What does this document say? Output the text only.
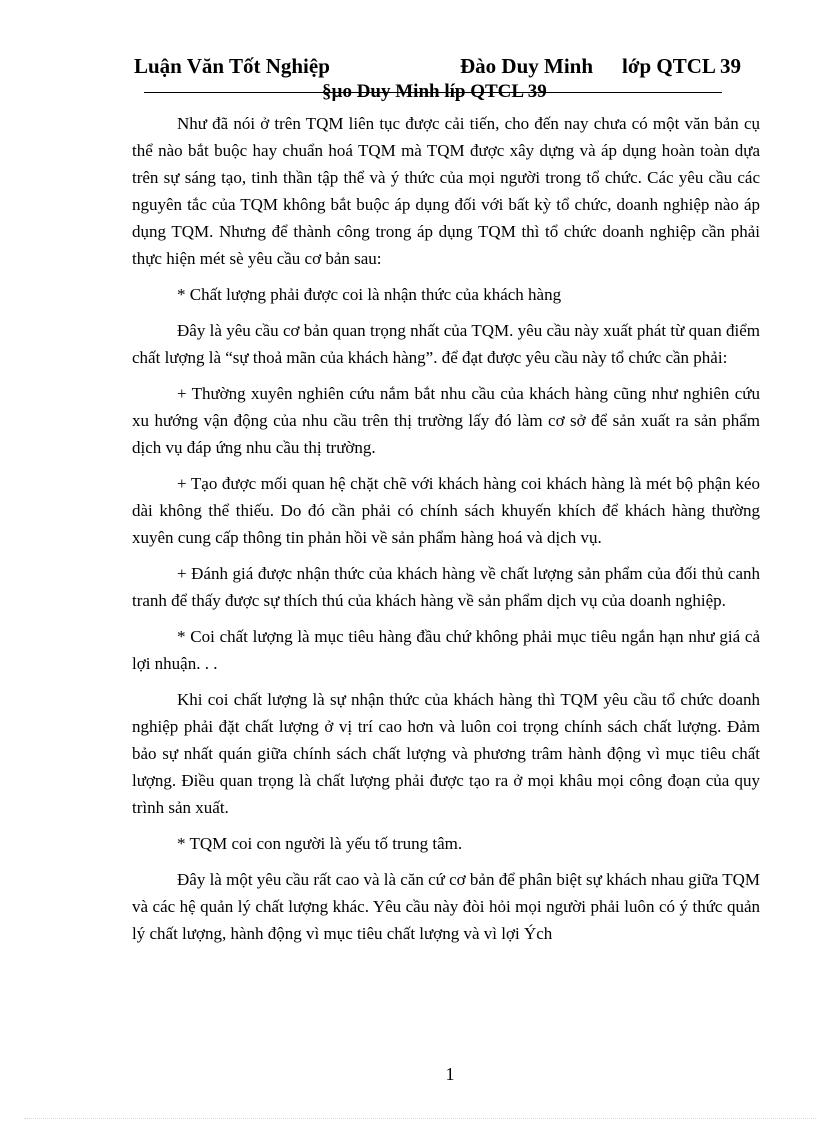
Luận Văn Tốt Nghiệp	Đào Duy Minh lớp QTCL 39
§µo Duy Minh líp QTCL 39

Như đã nói ở trên TQM liên tục được cải tiến, cho đến nay chưa có một văn bản cụ thể nào bắt buộc hay chuẩn hoá TQM mà TQM được xây dựng và áp dụng hoàn toàn dựa trên sự sáng tạo, tinh thần tập thể và ý thức của mọi người trong tổ chức. Các yêu cầu các nguyên tắc của TQM không bắt buộc áp dụng đối với bất kỳ tổ chức, doanh nghiệp nào áp dụng TQM. Nhưng để thành công trong áp dụng TQM thì tổ chức doanh nghiệp cần phải thực hiện mét sè yêu cầu cơ bản sau:

* Chất lượng phải được coi là nhận thức của khách hàng

Đây là yêu cầu cơ bản quan trọng nhất của TQM. yêu cầu này xuất phát từ quan điểm chất lượng là “sự thoả mãn của khách hàng”. để đạt được yêu cầu này tổ chức cần phải:

+ Thường xuyên nghiên cứu nắm bắt nhu cầu của khách hàng cũng như nghiên cứu xu hướng vận động của nhu cầu trên thị trường lấy đó làm cơ sở để sản xuất ra sản phẩm dịch vụ đáp ứng nhu cầu thị trường.

+ Tạo được mối quan hệ chặt chẽ với khách hàng coi khách hàng là mét bộ phận kéo dài không thể thiếu. Do đó cần phải có chính sách khuyến khích để khách hàng thường xuyên cung cấp thông tin phản hồi về sản phẩm hàng hoá và dịch vụ.

+ Đánh giá được nhận thức của khách hàng về chất lượng sản phẩm của đối thủ canh tranh để thấy được sự thích thú của khách hàng về sản phẩm dịch vụ của doanh nghiệp.

* Coi chất lượng là mục tiêu hàng đầu chứ không phải mục tiêu ngắn hạn như giá cả lợi nhuận. . .

Khi coi chất lượng là sự nhận thức của khách hàng thì TQM yêu cầu tổ chức doanh nghiệp phải đặt chất lượng ở vị trí cao hơn và luôn coi trọng chính sách chất lượng. Đảm bảo sự nhất quán giữa chính sách chất lượng và phương trâm hành động vì mục tiêu chất lượng. Điều quan trọng là chất lượng phải được tạo ra ở mọi khâu mọi công đoạn của quy trình sản xuất.

* TQM coi con người là yếu tố trung tâm.

Đây là một yêu cầu rất cao và là căn cứ cơ bản để phân biệt sự khách nhau giữa TQM và các hệ quản lý chất lượng khác. Yêu cầu này đòi hỏi mọi người phải luôn có ý thức quản lý chất lượng, hành động vì mục tiêu chất lượng và vì lợi Ých

1
